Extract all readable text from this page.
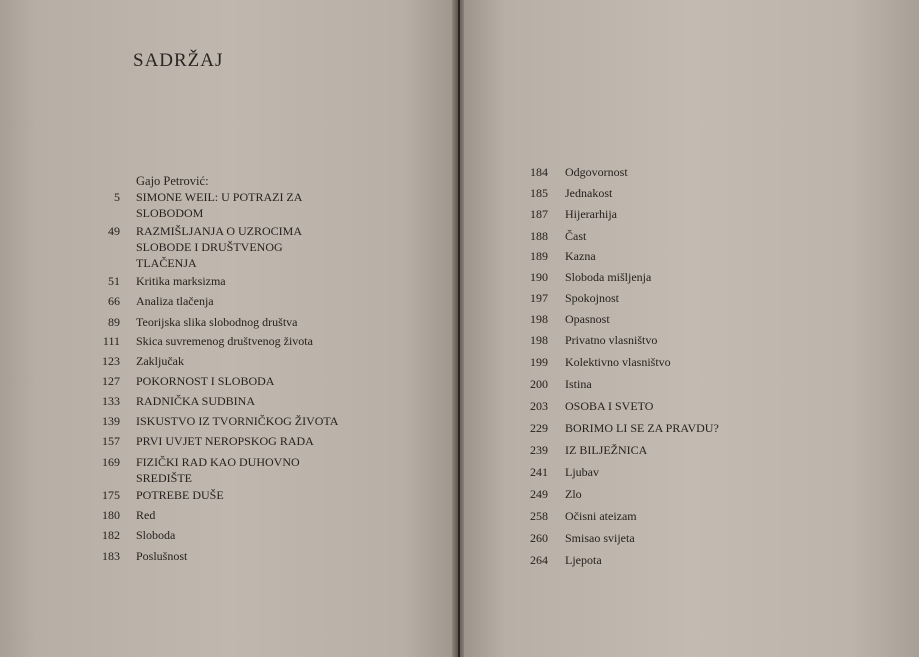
SADRŽAJ
Gajo Petrović:
5 SIMONE WEIL: U POTRAZI ZA
SLOBODOM
49 RAZMIŠLJANJA O UZROCIMA
SLOBODE I DRUŠTVENOG
TLAČENJA
51 Kritika marksizma
66 Analiza tlačenja
89 Teorijska slika slobodnog društva
111 Skica suvremenog društvenog života
123 Zaključak
127 POKORNOST I SLOBODA
133 RADNIČKA SUDBINA
139 ISKUSTVO IZ TVORNIČKOG ŽIVOTA
157 PRVI UVJET NEROPSKOG RADA
169 FIZIČKI RAD KAO DUHOVNO
SREDIŠTE
175 POTREBE DUŠE
180 Red
182 Sloboda
183 Poslušnost
184 Odgovornost
185 Jednakost
187 Hijerarhija
188 Čast
189 Kazna
190 Sloboda mišljenja
197 Spokojnost
198 Opasnost
198 Privatno vlasništvo
199 Kolektivno vlasništvo
200 Istina
203 OSOBA I SVETO
229 BORIMO LI SE ZA PRAVDU?
239 IZ BILJEŽNICA
241 Ljubav
249 Zlo
258 Očisni ateizam
260 Smisao svijeta
264 Ljepota
